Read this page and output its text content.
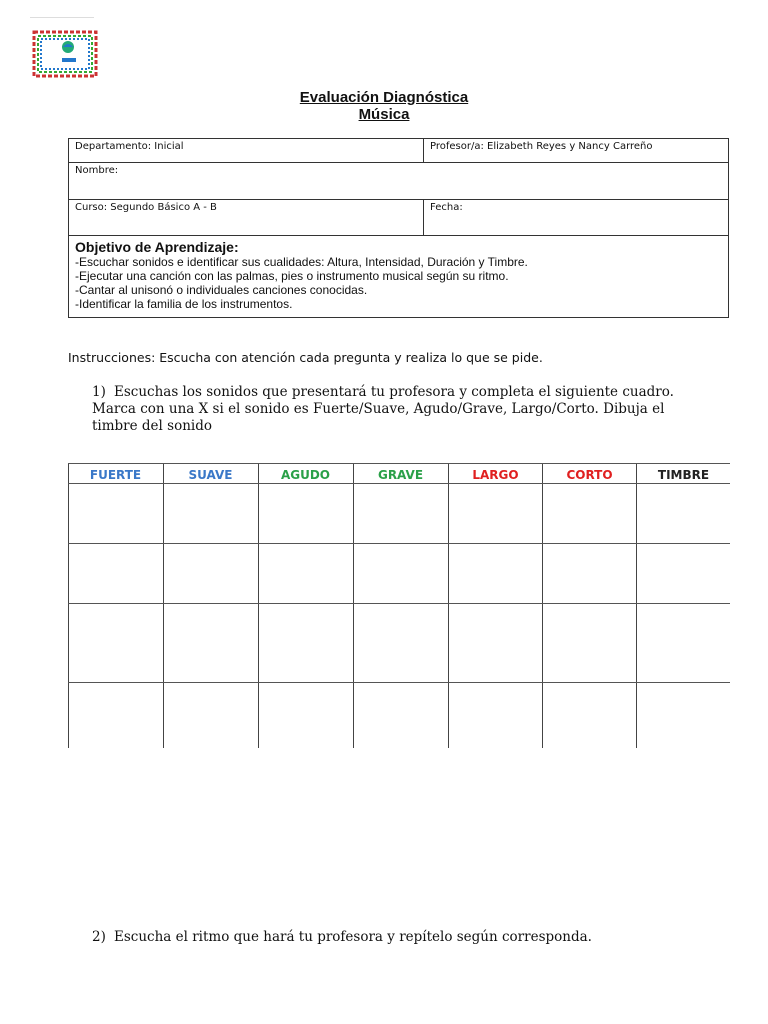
Evaluación Diagnóstica
Música
Departamento: Inicial	Profesor/a: Elizabeth Reyes y Nancy Carreño
Nombre:	
Curso: Segundo Básico A - B	Fecha:

Objetivo de Aprendizaje:
-Escuchar sonidos e identificar sus cualidades: Altura, Intensidad, Duración y Timbre.
-Ejecutar una canción con las palmas, pies o instrumento musical según su ritmo.
-Cantar al unisonó o individuales canciones conocidas.
-Identificar la familia de los instrumentos.	
Instrucciones: Escucha con atención cada pregunta y realiza lo que se pide.
1) Escuchas los sonidos que presentará tu profesora y completa el siguiente cuadro. Marca con una X si el sonido es Fuerte/Suave, Agudo/Grave, Largo/Corto. Dibuja el timbre del sonido
FUERTE	SUAVE	AGUDO	GRAVE	LARGO	CORTO	TIMBRE
2) Escucha el ritmo que hará tu profesora y repítelo según corresponda.
